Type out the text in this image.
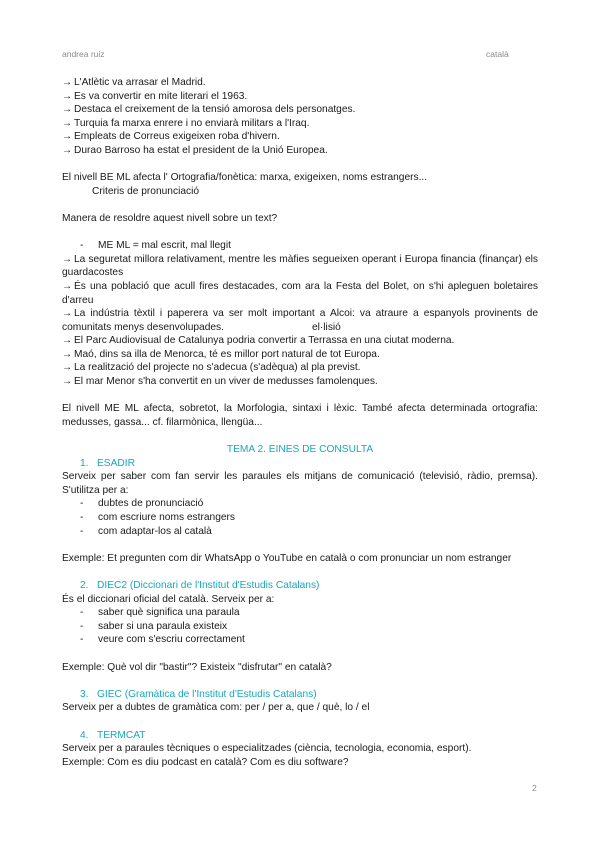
andrea ruiz	català
→ L'Atlètic va arrasar el Madrid.
→ Es va convertir en mite literari el 1963.
→ Destaca el creixement de la tensió amorosa dels personatges.
→ Turquia fa marxa enrere i no enviarà militars a l'Iraq.
→ Empleats de Correus exigeixen roba d'hivern.
→ Durao Barroso ha estat el president de la Unió Europea.
El nivell BE ML afecta l' Ortografia/fonètica: marxa, exigeixen, noms estrangers...
Criteris de pronunciació
Manera de resoldre aquest nivell sobre un text?
- ME ML = mal escrit, mal llegit
→ La seguretat millora relativament, mentre les màfies segueixen operant i Europa financia (finançar) els guardacostes
→ És una població que acull fires destacades, com ara la Festa del Bolet, on s'hi apleguen boletaires d'arreu
→ La indústria tèxtil i paperera va ser molt important a Alcoi: va atraure a espanyols provinents de comunitats menys desenvolupades.	el·lisió
→ El Parc Audiovisual de Catalunya podria convertir a Terrassa en una ciutat moderna.
→ Maó, dins sa illa de Menorca, té es millor port natural de tot Europa.
→ La realització del projecte no s'adecua (s'adèqua) al pla previst.
→ El mar Menor s'ha convertit en un viver de medusses famolenques.
El nivell ME ML afecta, sobretot, la Morfologia, sintaxi i lèxic. També afecta determinada ortografia: medusses, gassa... cf. filarmònica, llengüa...
TEMA 2. EINES DE CONSULTA
1. ESADIR
Serveix per saber com fan servir les paraules els mitjans de comunicació (televisió, ràdio, premsa). S'utilitza per a:
- dubtes de pronunciació
- com escriure noms estrangers
- com adaptar-los al català
Exemple: Et pregunten com dir WhatsApp o YouTube en català o com pronunciar un nom estranger
2. DIEC2 (Diccionari de l'Institut d'Estudis Catalans)
És el diccionari oficial del català. Serveix per a:
- saber què significa una paraula
- saber si una paraula existeix
- veure com s'escriu correctament
Exemple: Què vol dir "bastir"? Existeix "disfrutar" en català?
3. GIEC (Gramàtica de l'Institut d'Estudis Catalans)
Serveix per a dubtes de gramàtica com: per / per a, que / què, lo / el
4. TERMCAT
Serveix per a paraules tècniques o especialitzades (ciència, tecnologia, economia, esport).
Exemple: Com es diu podcast en català? Com es diu software?
2
